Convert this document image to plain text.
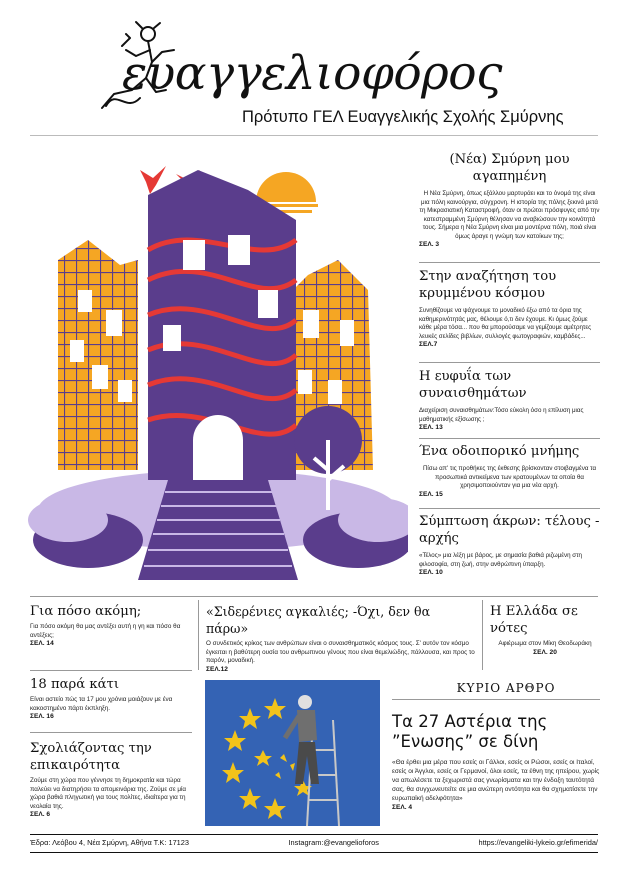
ευαγγελιοφόρος
Πρότυπο ΓΕΛ Ευαγγελικής Σχολής Σμύρνης
(Νέα) Σμύρνη μου αγαπημένη
Η Νέα Σμύρνη, όπως εξάλλου μαρτυράει και το όνομά της είναι μια πόλη καινούργια, σύγχρονη. Η ιστορία της πόλης ξεκινά μετά τη Μικρασιατική Καταστροφή, όταν οι πρώτοι πρόσφυγες από την κατεστραμμένη Σμύρνη θέλησαν να αναβιώσουν την κοινότητά τους. Σήμερα η Νέα Σμύρνη είναι μια μοντέρνα πόλη, ποιά είναι όμως άραγε η γνώμη των κατοίκων της;
ΣΕΛ. 3
Στην αναζήτηση του κρυμμένου κόσμου
Συνηθίζουμε να ψάχνουμε το μοναδικό έξω από τα όρια της καθημερινότητάς μας, θέλουμε ό,τι δεν έχουμε. Κι όμως ζούμε κάθε μέρα τόσα... που θα μπορούσαμε να γεμίζουμε αμέτρητες λευκές σελίδες βιβλίων, συλλογές φωτογραφιών, καμβάδες...
ΣΕΛ.7
Η ευφυΐα των συναισθημάτων
Διαχείριση συναισθημάτων:Τόσο εύκολη όσο η επίλυση μιας μαθηματικής εξίσωσης ;
ΣΕΛ. 13
Ένα οδοιπορικό μνήμης
Πίσω απ' τις προθήκες της έκθεσης βρίσκονταν στοιβαγμένα τα προσωπικά αντικείμενα των κρατουμένων τα οποία θα χρησιμοποιούνταν για μια νέα αρχή.
ΣΕΛ. 15
Σύμπτωση άκρων: τέλους - αρχής
«Τέλος» μια λέξη με βάρος, με σημασία βαθιά ριζωμένη στη φιλοσοφία, στη ζωή, στην ανθρώπινη ύπαρξη.
ΣΕΛ. 10
Για πόσο ακόμη;
Για πόσο ακόμη θα μας αντέξει αυτή η γη και πόσο θα αντέξεις;
ΣΕΛ. 14
«Σιδερένιες αγκαλιές; -Όχι, δεν θα πάρω»
Ο συνδετικός κρίκος των ανθρώπων είναι ο συναισθηματικός κόσμος τους. Σ' αυτόν τον κόσμο έγκειται η βαθύτερη ουσία του ανθρωπινου γένους που είναι θεμελιώδης, πάλλουσα, και προς το παρόν, μοναδική.
ΣΕΛ.12
Η Ελλάδα σε νότες
Αφιέρωμα στον Μίκη Θεοδωράκη
ΣΕΛ. 20
18 παρά κάτι
Είναι αστείο πώς τα 17 μου χρόνια μοιάζουν με ένα κακοστημένο πάρτι έκπληξη.
ΣΕΛ. 16
Σχολιάζοντας την επικαιρότητα
Ζούμε στη χώρα που γέννησε τη δημοκρατία και τώρα παλεύει να διατηρήσει τα απομεινάρια της. Ζούμε σε μία χώρα βαθιά πληγωτική για τους πολίτες, ιδιαίτερα για τη νεολαία της.
ΣΕΛ. 6
ΚΥΡΙΟ ΑΡΘΡΟ
Τα 27 Αστέρια της ”Ενωσης” σε δίνη
«Θα έρθει μια μέρα που εσείς οι Γάλλοι, εσείς οι Ρώσοι, εσείς οι Ιταλοί, εσείς οι Άγγλοι, εσείς οι Γερμανοί, όλοι εσείς, τα έθνη της ηπείρου, χωρίς να απωλέσετε τα ξεχωριστά σας γνωρίσματα και την ένδοξη ταυτότητά σας, θα συγχωνευτείτε σε μια ανώτερη οντότητα και θα σχηματίσετε την ευρωπαϊκή αδελφότητα»
ΣΕΛ. 4
Έδρα: Λεόβου 4, Νέα Σμύρνη, Αθήνα Τ.Κ: 17123	Instagram:@evangelioforos	https://evangeliki-lykeio.gr/efimerida/
